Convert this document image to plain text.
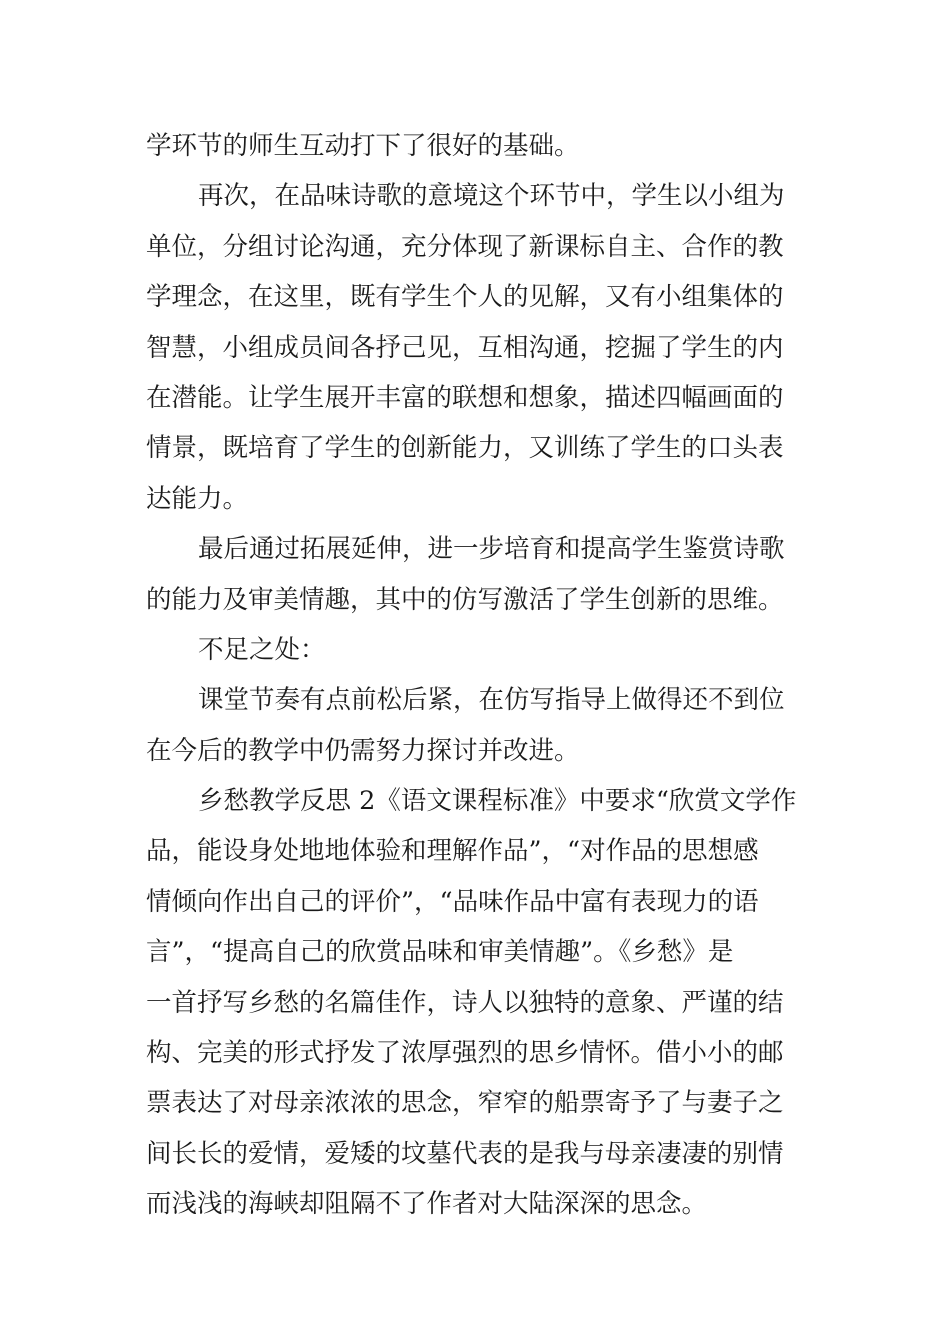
学环节的师生互动打下了很好的基础。
再次，在品味诗歌的意境这个环节中，学生以小组为
单位，分组讨论沟通，充分体现了新课标自主、合作的教
学理念，在这里，既有学生个人的见解，又有小组集体的
智慧，小组成员间各抒己见，互相沟通，挖掘了学生的内
在潜能。让学生展开丰富的联想和想象，描述四幅画面的
情景，既培育了学生的创新能力，又训练了学生的口头表
达能力。
最后通过拓展延伸，进一步培育和提高学生鉴赏诗歌
的能力及审美情趣，其中的仿写激活了学生创新的思维。
不足之处：
课堂节奏有点前松后紧，在仿写指导上做得还不到位
在今后的教学中仍需努力探讨并改进。
乡愁教学反思 2《语文课程标准》中要求“欣赏文学作
品，能设身处地地体验和理解作品”，“对作品的思想感
情倾向作出自己的评价”，“品味作品中富有表现力的语
言”，“提高自己的欣赏品味和审美情趣”。《乡愁》是
一首抒写乡愁的名篇佳作，诗人以独特的意象、严谨的结
构、完美的形式抒发了浓厚强烈的思乡情怀。借小小的邮
票表达了对母亲浓浓的思念，窄窄的船票寄予了与妻子之
间长长的爱情，爱矮的坟墓代表的是我与母亲凄凄的别情
而浅浅的海峡却阻隔不了作者对大陆深深的思念。
